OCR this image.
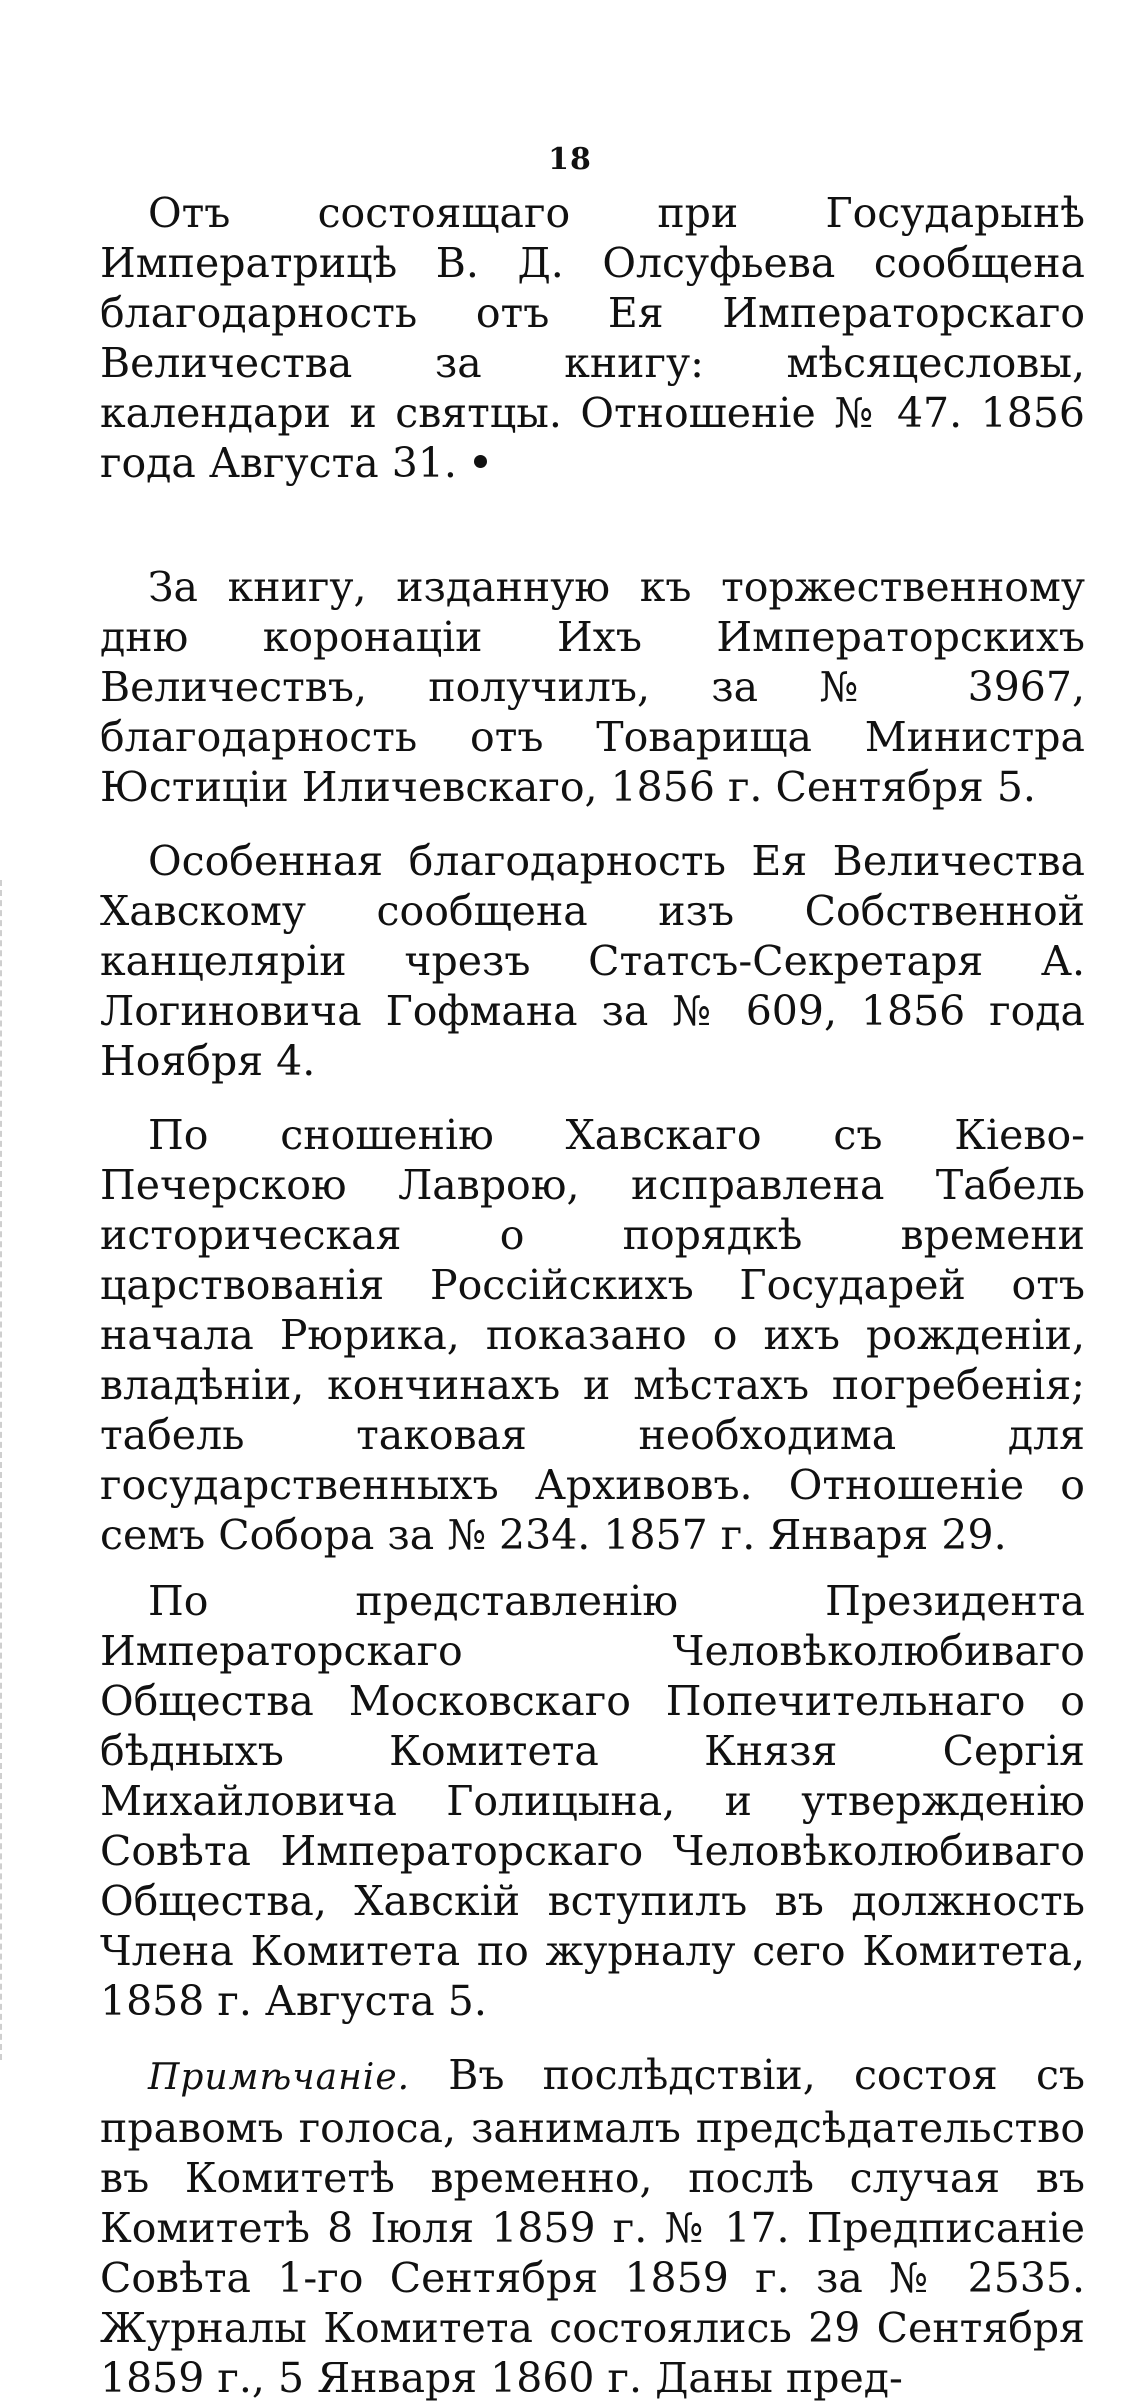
18

Отъ состоящаго при Государынѣ Императрицѣ В. Д. Олсуфьева сообщена благодарность отъ Ея Императорскаго Величества за книгу: мѣсяцесловы, календари и святцы. Отношеніе № 47. 1856 года Августа 31.

За книгу, изданную къ торжественному дню коронаціи Ихъ Императорскихъ Величествъ, получилъ, за № 3967, благодарность отъ Товарища Министра Юстиціи Иличевскаго, 1856 г. Сентября 5.

Особенная благодарность Ея Величества Хавскому сообщена изъ Собственной канцеляріи чрезъ Статсъ-Секретаря А. Логиновича Гофмана за № 609, 1856 года Ноября 4.

По сношенію Хавскаго съ Кіево-Печерскою Лаврою, исправлена Табель историческая о порядкѣ времени царствованія Россійскихъ Государей отъ начала Рюрика, показано о ихъ рожденіи, владѣніи, кончинахъ и мѣстахъ погребенія; табель таковая необходима для государственныхъ Архивовъ. Отношеніе о семъ Собора за № 234. 1857 г. Января 29.

По представленію Президента Императорскаго Человѣколюбиваго Общества Московскаго Попечительнаго о бѣдныхъ Комитета Князя Сергія Михайловича Голицына, и утвержденію Совѣта Императорскаго Человѣколюбиваго Общества, Хавскій вступилъ въ должность Члена Комитета по журналу сего Комитета, 1858 г. Августа 5.

Примѣчаніе. Въ послѣдствіи, состоя съ правомъ голоса, занималъ предсѣдательство въ Комитетѣ временно, послѣ случая въ Комитетѣ 8 Іюля 1859 г. № 17. Предписаніе Совѣта 1-го Сентября 1859 г. за № 2535. Журналы Комитета состоялись 29 Сентября 1859 г., 5 Января 1860 г. Даны пред-
